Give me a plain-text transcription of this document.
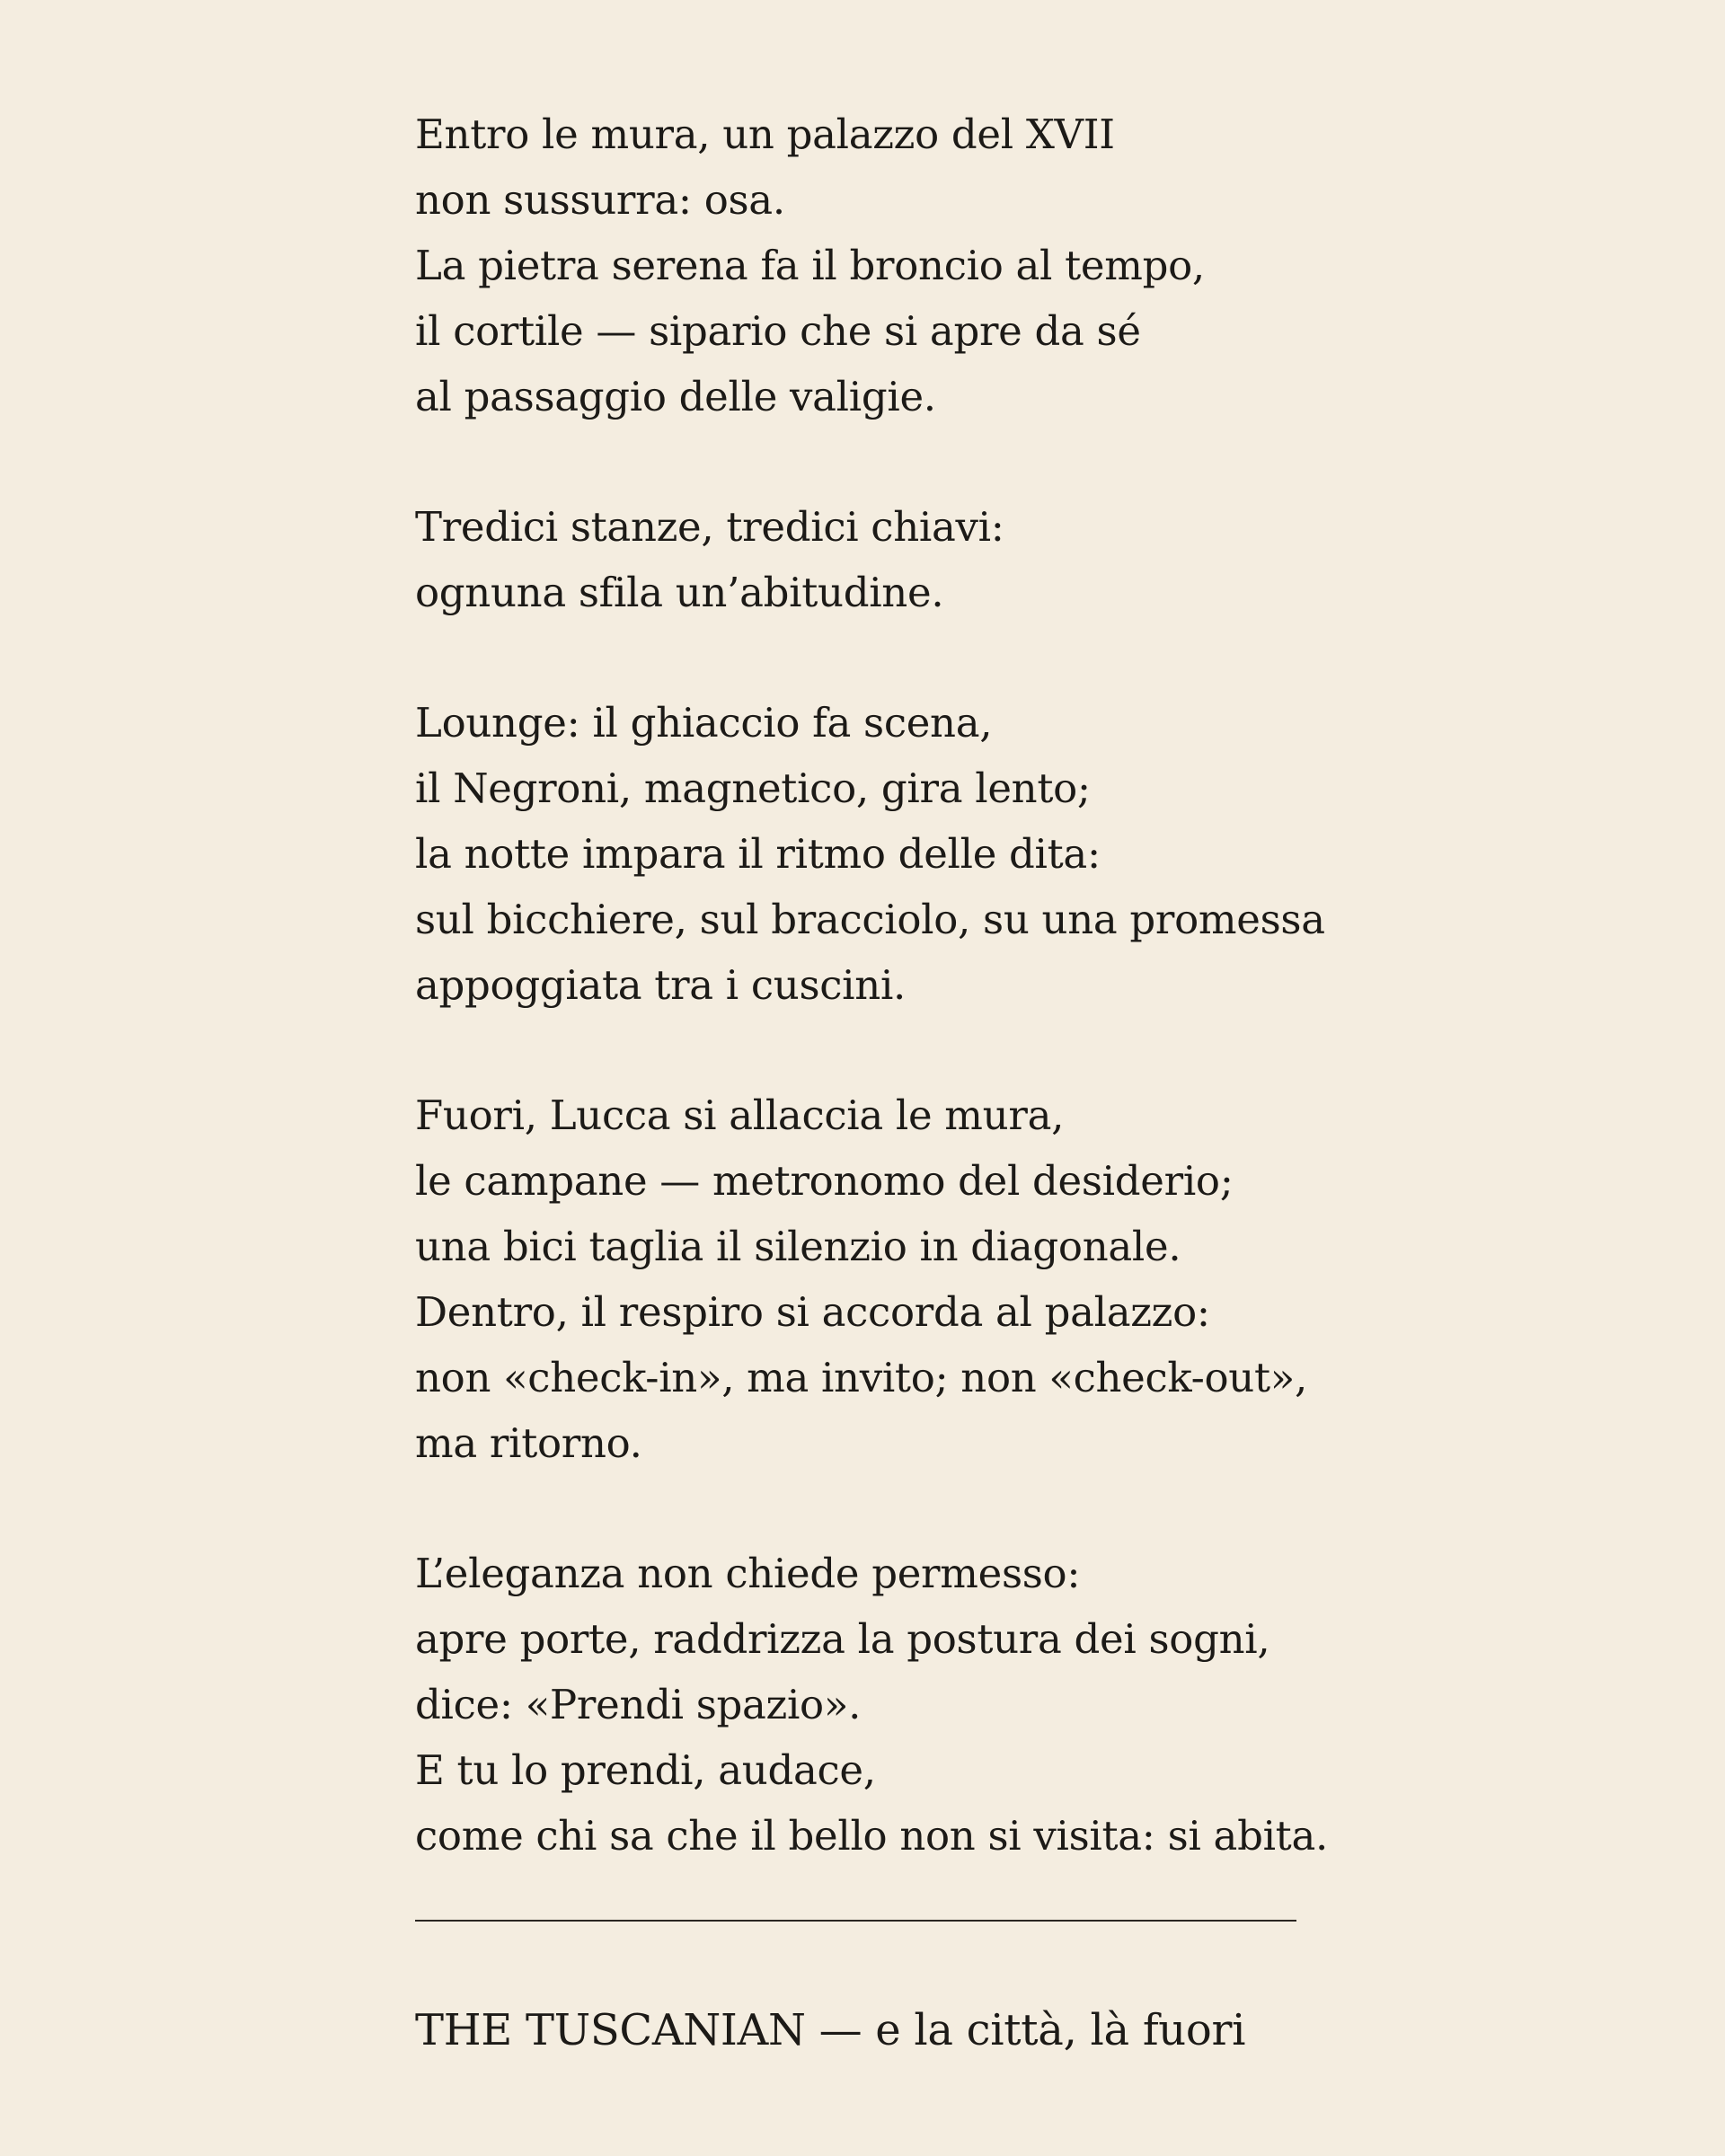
Entro le mura, un palazzo del XVII
non sussurra: osa.
La pietra serena fa il broncio al tempo,
il cortile — sipario che si apre da sé
al passaggio delle valigie.
Tredici stanze, tredici chiavi:
ognuna sfila un’abitudine.
Lounge: il ghiaccio fa scena,
il Negroni, magnetico, gira lento;
la notte impara il ritmo delle dita:
sul bicchiere, sul bracciolo, su una promessa
appoggiata tra i cuscini.
Fuori, Lucca si allaccia le mura,
le campane — metronomo del desiderio;
una bici taglia il silenzio in diagonale.
Dentro, il respiro si accorda al palazzo:
non «check-in», ma invito; non «check-out»,
ma ritorno.
L’eleganza non chiede permesso:
apre porte, raddrizza la postura dei sogni,
dice: «Prendi spazio».
E tu lo prendi, audace,
come chi sa che il bello non si visita: si abita.
THE TUSCANIAN — e la città, là fuori
